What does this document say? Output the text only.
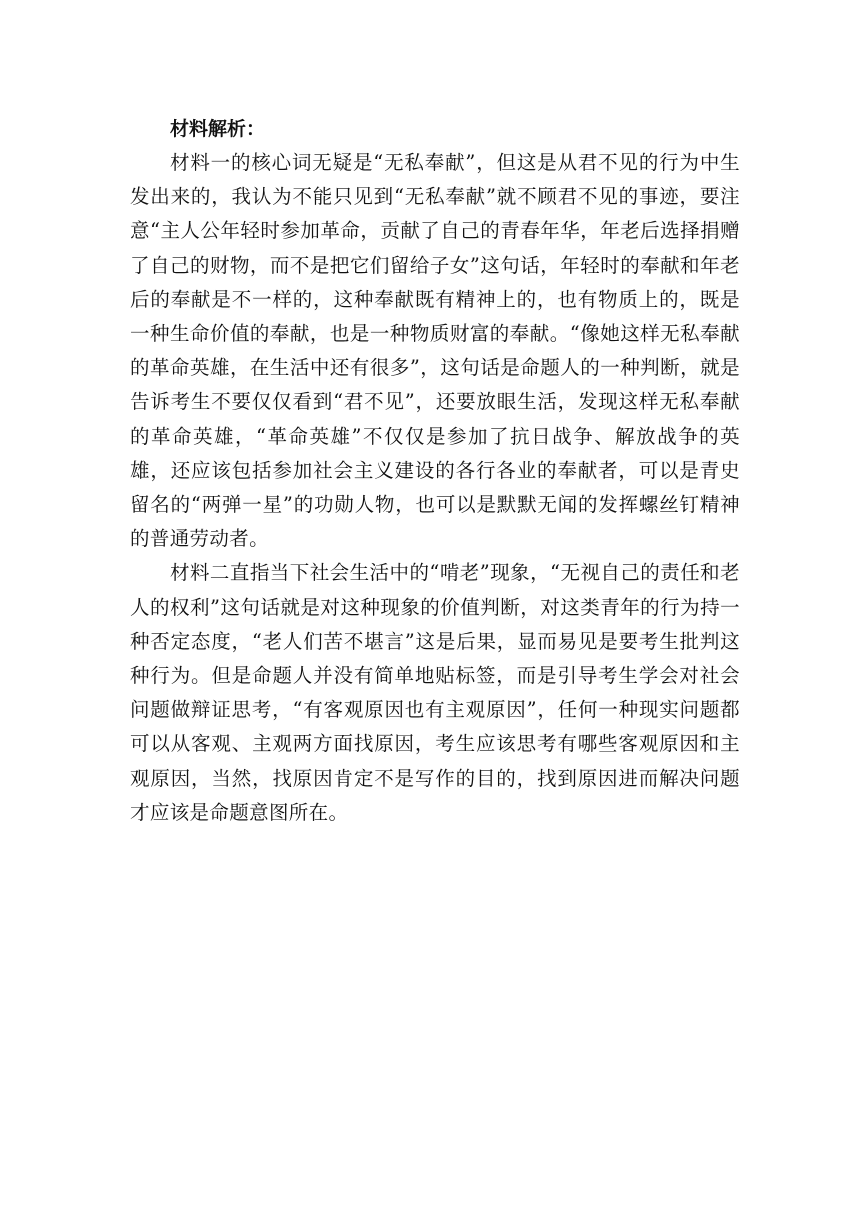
材料解析：

材料一的核心词无疑是“无私奉献”，但这是从君不见的行为中生发出来的，我认为不能只见到“无私奉献”就不顾君不见的事迹，要注意“主人公年轻时参加革命，贡献了自己的青春年华，年老后选择捐赠了自己的财物，而不是把它们留给子女”这句话，年轻时的奉献和年老后的奉献是不一样的，这种奉献既有精神上的，也有物质上的，既是一种生命价值的奉献，也是一种物质财富的奉献。“像她这样无私奉献的革命英雄，在生活中还有很多”，这句话是命题人的一种判断，就是告诉考生不要仅仅看到“君不见”，还要放眼生活，发现这样无私奉献的革命英雄，“革命英雄”不仅仅是参加了抗日战争、解放战争的英雄，还应该包括参加社会主义建设的各行各业的奉献者，可以是青史留名的“两弹一星”的功勋人物，也可以是默默无闻的发挥螺丝钉精神的普通劳动者。

材料二直指当下社会生活中的“啃老”现象，“无视自己的责任和老人的权利”这句话就是对这种现象的价值判断，对这类青年的行为持一种否定态度，“老人们苦不堪言”这是后果，显而易见是要考生批判这种行为。但是命题人并没有简单地贴标签，而是引导考生学会对社会问题做辩证思考，“有客观原因也有主观原因”，任何一种现实问题都可以从客观、主观两方面找原因，考生应该思考有哪些客观原因和主观原因，当然，找原因肯定不是写作的目的，找到原因进而解决问题才应该是命题意图所在。
